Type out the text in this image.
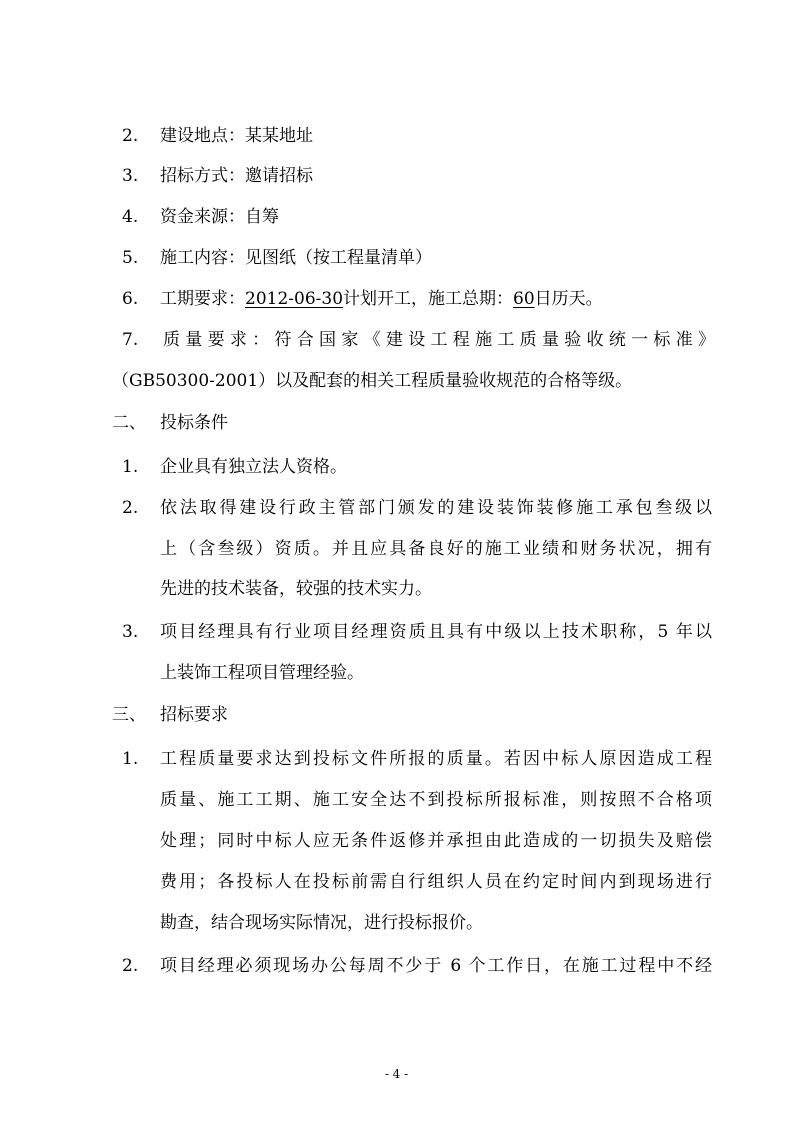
2. 建设地点：某某地址
3. 招标方式：邀请招标
4. 资金来源：自筹
5. 施工内容：见图纸（按工程量清单）
6. 工期要求：2012-06-30计划开工，施工总期：60日历天。
7. 质量要求：符合国家《建设工程施工质量验收统一标准》
（GB50300-2001）以及配套的相关工程质量验收规范的合格等级。
二、 投标条件
1. 企业具有独立法人资格。
2. 依法取得建设行政主管部门颁发的建设装饰装修施工承包叁级以
上（含叁级）资质。并且应具备良好的施工业绩和财务状况，拥有
先进的技术装备，较强的技术实力。
3. 项目经理具有行业项目经理资质且具有中级以上技术职称，5 年以
上装饰工程项目管理经验。
三、 招标要求
1. 工程质量要求达到投标文件所报的质量。若因中标人原因造成工程
质量、施工工期、施工安全达不到投标所报标准，则按照不合格项
处理；同时中标人应无条件返修并承担由此造成的一切损失及赔偿
费用；各投标人在投标前需自行组织人员在约定时间内到现场进行
勘查，结合现场实际情况，进行投标报价。
2. 项目经理必须现场办公每周不少于 6 个工作日，在施工过程中不经
- 4 -
